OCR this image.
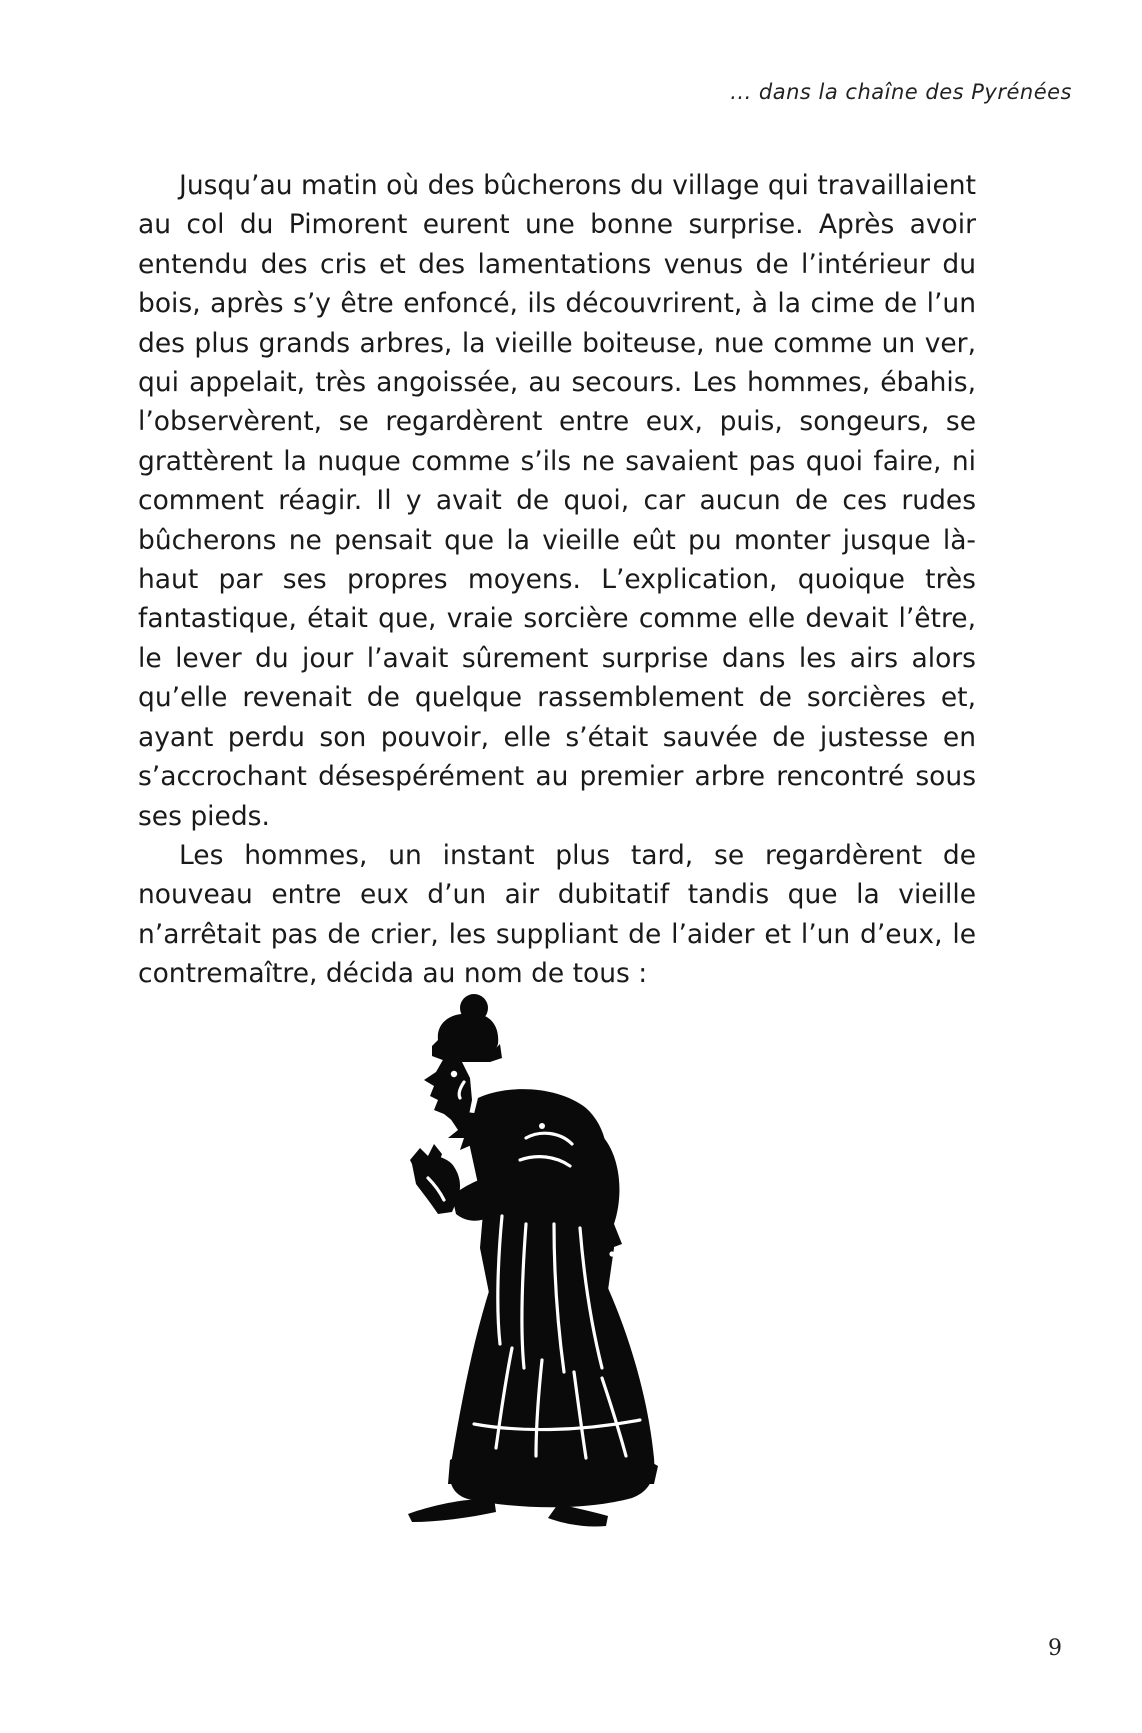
... dans la chaîne des Pyrénées

Jusqu’au matin où des bûcherons du village qui travaillaient au col du Pimorent eurent une bonne surprise. Après avoir entendu des cris et des lamentations venus de l’intérieur du bois, après s’y être enfoncé, ils découvrirent, à la cime de l’un des plus grands arbres, la vieille boiteuse, nue comme un ver, qui appelait, très angoissée, au secours. Les hommes, ébahis, l’observèrent, se regardèrent entre eux, puis, songeurs, se grattèrent la nuque comme s’ils ne savaient pas quoi faire, ni comment réagir. Il y avait de quoi, car aucun de ces rudes bûcherons ne pensait que la vieille eût pu monter jusque là-haut par ses propres moyens. L’explication, quoique très fantastique, était que, vraie sorcière comme elle devait l’être, le lever du jour l’avait sûrement surprise dans les airs alors qu’elle revenait de quelque rassemblement de sorcières et, ayant perdu son pouvoir, elle s’était sauvée de justesse en s’accrochant désespérément au premier arbre rencontré sous ses pieds.

Les hommes, un instant plus tard, se regardèrent de nouveau entre eux d’un air dubitatif tandis que la vieille n’arrêtait pas de crier, les suppliant de l’aider et l’un d’eux, le contremaître, décida au nom de tous :

9
